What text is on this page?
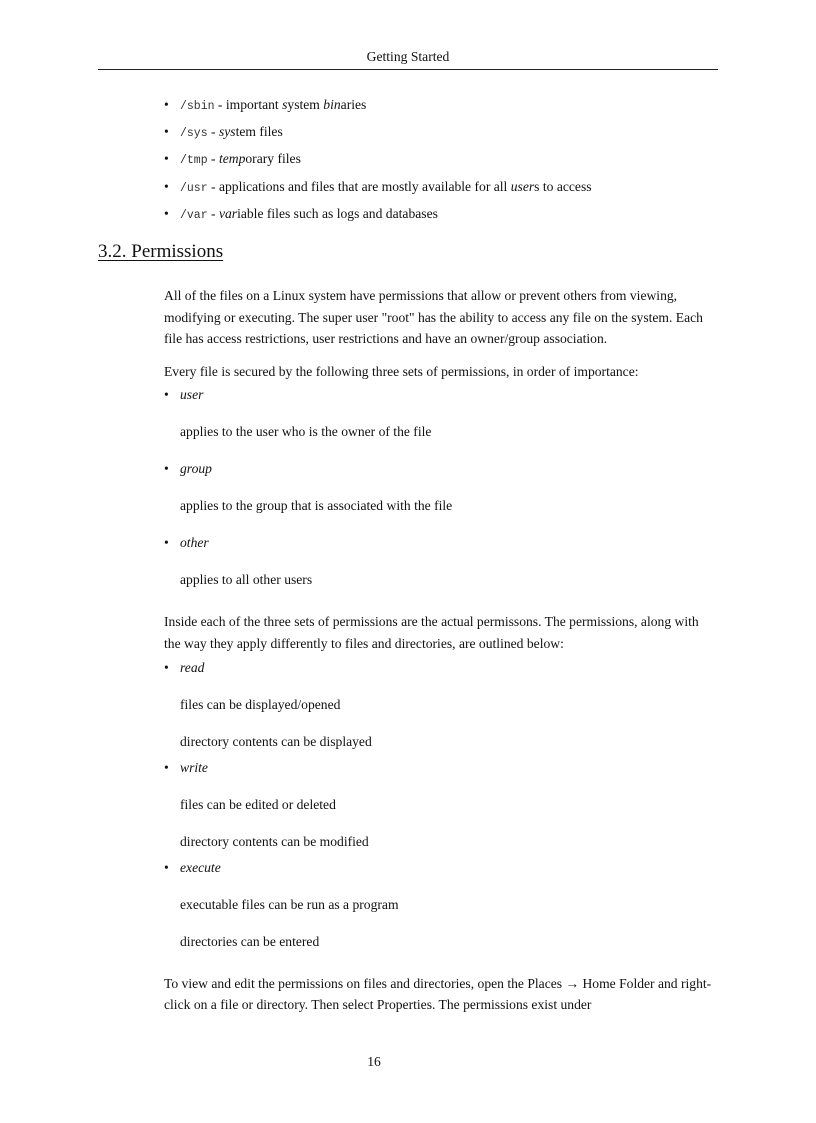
Getting Started
• /sbin - important system binaries
• /sys - system files
• /tmp - temporary files
• /usr - applications and files that are mostly available for all users to access
• /var - variable files such as logs and databases
3.2. Permissions

All of the files on a Linux system have permissions that allow or prevent others from viewing, modifying or executing. The super user "root" has the ability to access any file on the system. Each file has access restrictions, user restrictions and have an owner/group association.

Every file is secured by the following three sets of permissions, in order of importance:

• user
applies to the user who is the owner of the file
• group
applies to the group that is associated with the file
• other
applies to all other users

Inside each of the three sets of permissions are the actual permissons. The permissions, along with the way they apply differently to files and directories, are outlined below:

• read
files can be displayed/opened
directory contents can be displayed
• write
files can be edited or deleted
directory contents can be modified
• execute
executable files can be run as a program
directories can be entered

To view and edit the permissions on files and directories, open the Places → Home Folder and right-click on a file or directory. Then select Properties. The permissions exist under

16
